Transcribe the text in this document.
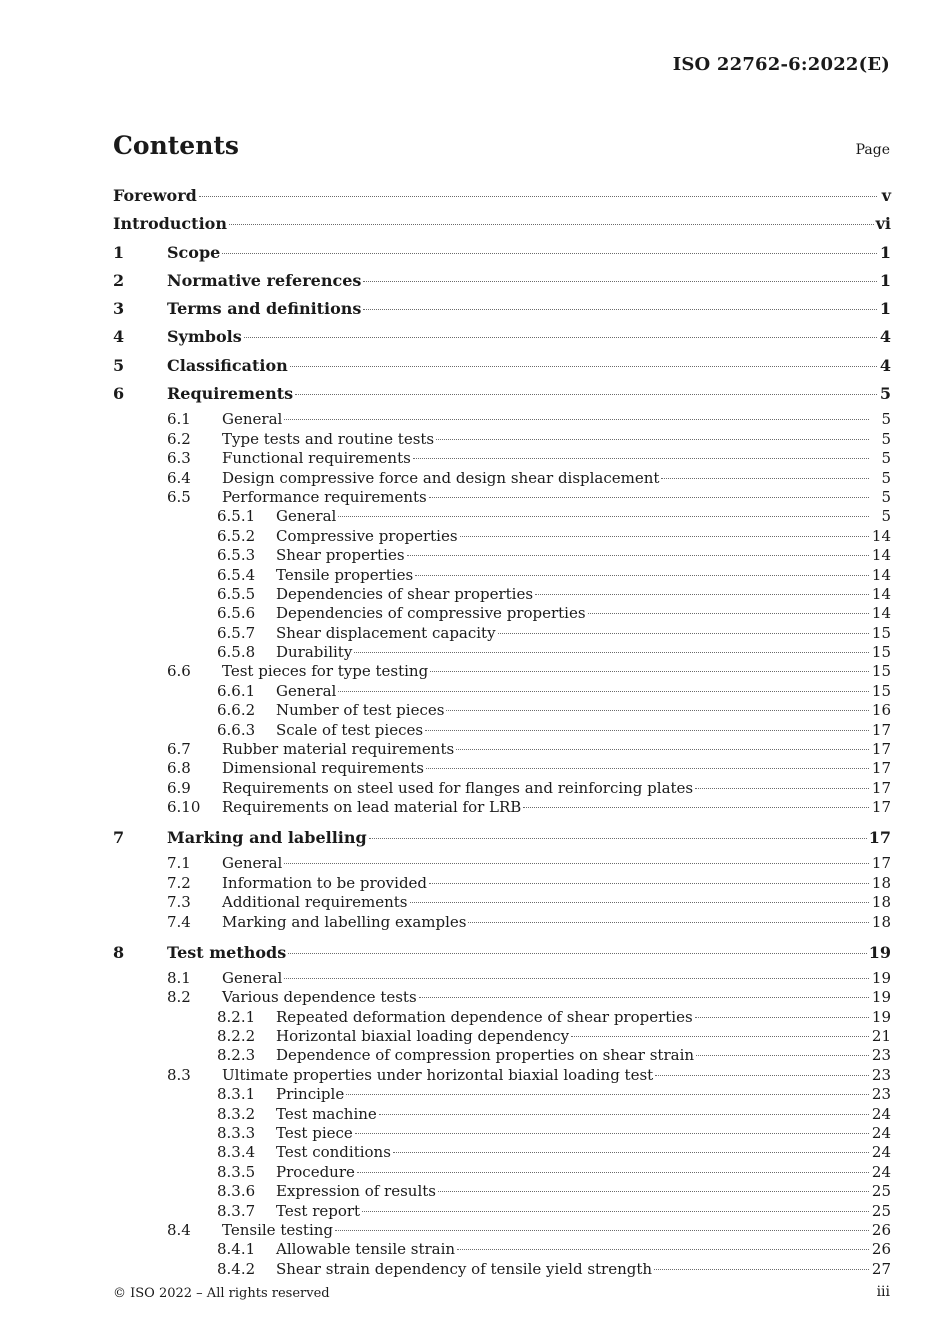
ISO 22762-6:2022(E)
Contents	Page
Foreword	v
Introduction	vi
1	Scope	1
2	Normative references	1
3	Terms and definitions	1
4	Symbols	4
5	Classification	4
6	Requirements	5
6.1 General	5
6.2 Type tests and routine tests	5
6.3 Functional requirements	5
6.4 Design compressive force and design shear displacement	5
6.5 Performance requirements	5
6.5.1 General	5
6.5.2 Compressive properties	14
6.5.3 Shear properties	14
6.5.4 Tensile properties	14
6.5.5 Dependencies of shear properties	14
6.5.6 Dependencies of compressive properties	14
6.5.7 Shear displacement capacity	15
6.5.8 Durability	15
6.6 Test pieces for type testing	15
6.6.1 General	15
6.6.2 Number of test pieces	16
6.6.3 Scale of test pieces	17
6.7 Rubber material requirements	17
6.8 Dimensional requirements	17
6.9 Requirements on steel used for flanges and reinforcing plates	17
6.10 Requirements on lead material for LRB	17
7	Marking and labelling	17
7.1 General	17
7.2 Information to be provided	18
7.3 Additional requirements	18
7.4 Marking and labelling examples	18
8	Test methods	19
8.1 General	19
8.2 Various dependence tests	19
8.2.1 Repeated deformation dependence of shear properties	19
8.2.2 Horizontal biaxial loading dependency	21
8.2.3 Dependence of compression properties on shear strain	23
8.3 Ultimate properties under horizontal biaxial loading test	23
8.3.1 Principle	23
8.3.2 Test machine	24
8.3.3 Test piece	24
8.3.4 Test conditions	24
8.3.5 Procedure	24
8.3.6 Expression of results	25
8.3.7 Test report	25
8.4 Tensile testing	26
8.4.1 Allowable tensile strain	26
8.4.2 Shear strain dependency of tensile yield strength	27
© ISO 2022 – All rights reserved	iii
